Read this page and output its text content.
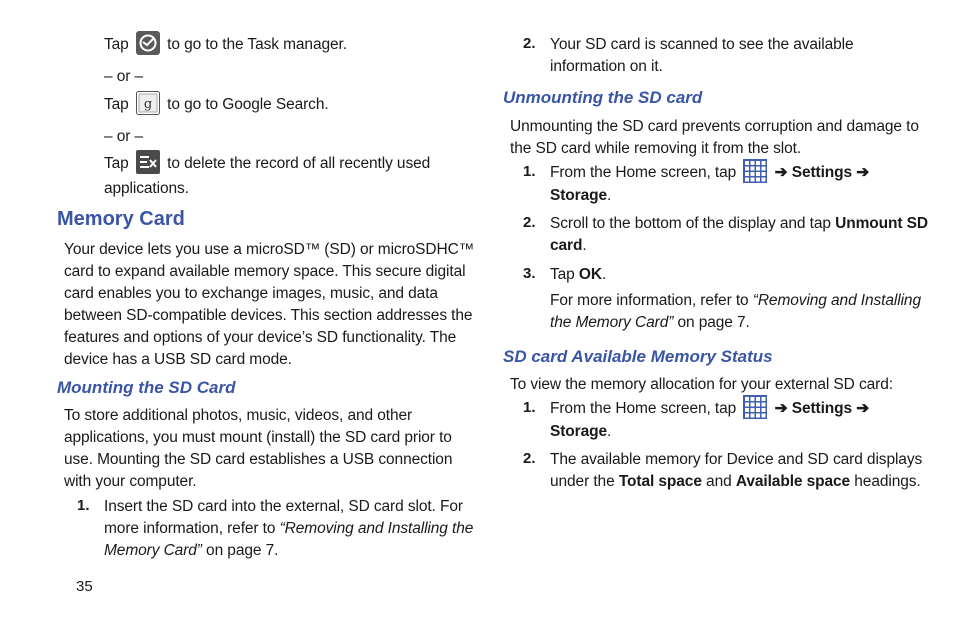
Tap to go to the Task manager.
– or –
Tap g to go to Google Search.
– or –
Tap to delete the record of all recently used
applications.
Memory Card
Your device lets you use a microSD™ (SD) or microSDHC™
card to expand available memory space. This secure digital
card enables you to exchange images, music, and data
between SD-compatible devices. This section addresses the
features and options of your device’s SD functionality. The
device has a USB SD card mode.
Mounting the SD Card
To store additional photos, music, videos, and other
applications, you must mount (install) the SD card prior to
use. Mounting the SD card establishes a USB connection
with your computer.
1. Insert the SD card into the external, SD card slot. For
more information, refer to “Removing and Installing the
Memory Card” on page 7.
35
2. Your SD card is scanned to see the available
information on it.
Unmounting the SD card
Unmounting the SD card prevents corruption and damage to
the SD card while removing it from the slot.
1. From the Home screen, tap ➔ Settings ➔
Storage.
2. Scroll to the bottom of the display and tap Unmount SD
card.
3. Tap OK.
For more information, refer to “Removing and Installing
the Memory Card” on page 7.
SD card Available Memory Status
To view the memory allocation for your external SD card:
1. From the Home screen, tap ➔ Settings ➔
Storage.
2. The available memory for Device and SD card displays
under the Total space and Available space headings.
